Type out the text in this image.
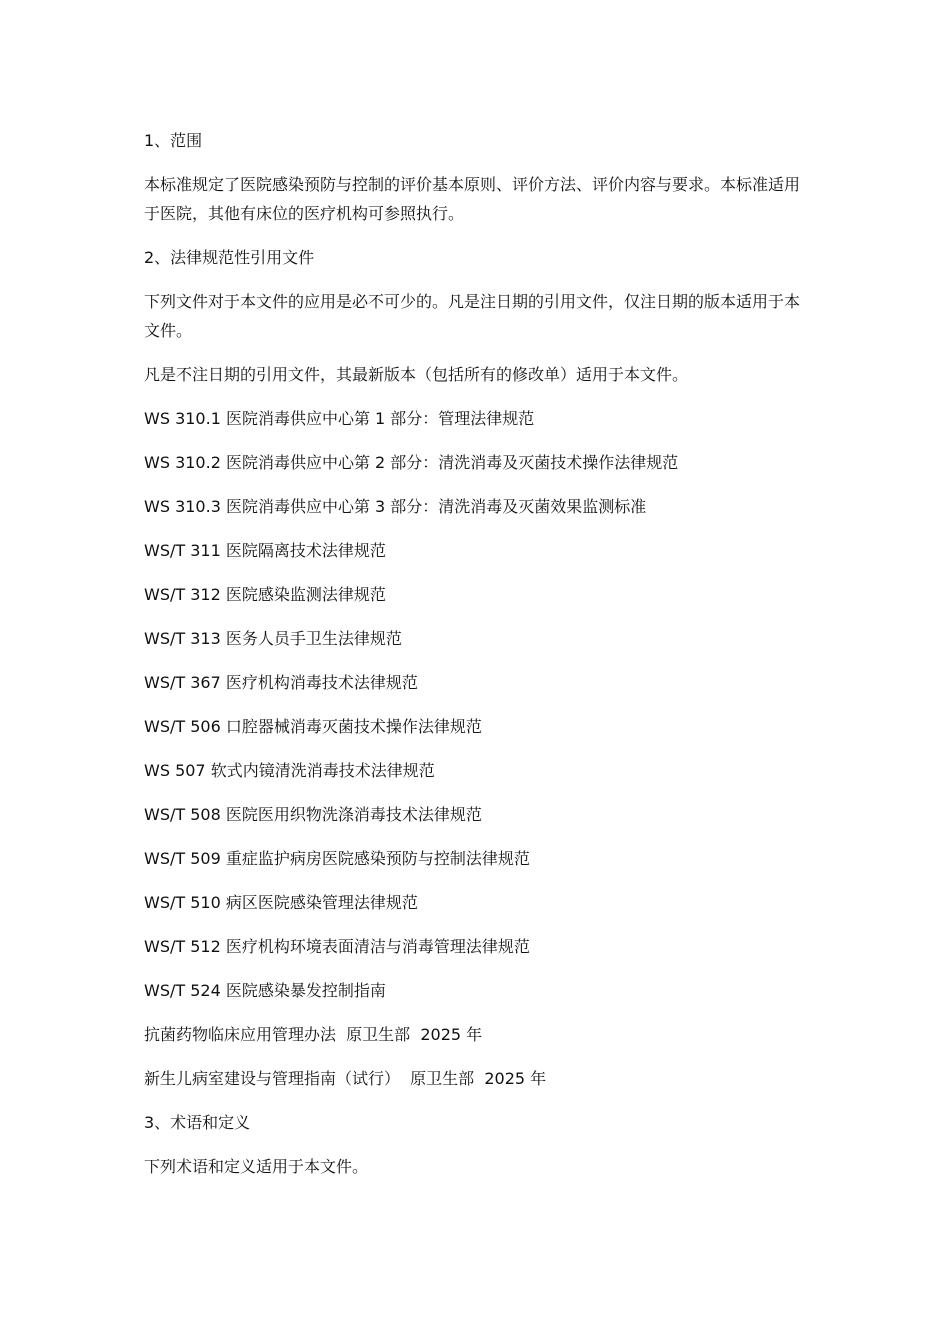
1、范围

本标准规定了医院感染预防与控制的评价基本原则、评价方法、评价内容与要求。本标准适用于医院，其他有床位的医疗机构可参照执行。

2、法律规范性引用文件

下列文件对于本文件的应用是必不可少的。凡是注日期的引用文件，仅注日期的版本适用于本文件。

凡是不注日期的引用文件，其最新版本（包括所有的修改单）适用于本文件。

WS 310.1 医院消毒供应中心第 1 部分：管理法律规范

WS 310.2 医院消毒供应中心第 2 部分：清洗消毒及灭菌技术操作法律规范

WS 310.3 医院消毒供应中心第 3 部分：清洗消毒及灭菌效果监测标准

WS/T 311 医院隔离技术法律规范

WS/T 312 医院感染监测法律规范

WS/T 313 医务人员手卫生法律规范

WS/T 367 医疗机构消毒技术法律规范

WS/T 506 口腔器械消毒灭菌技术操作法律规范

WS 507 软式内镜清洗消毒技术法律规范

WS/T 508 医院医用织物洗涤消毒技术法律规范

WS/T 509 重症监护病房医院感染预防与控制法律规范

WS/T 510 病区医院感染管理法律规范

WS/T 512 医疗机构环境表面清洁与消毒管理法律规范

WS/T 524 医院感染暴发控制指南

抗菌药物临床应用管理办法  原卫生部  2025 年

新生儿病室建设与管理指南（试行）  原卫生部  2025 年

3、术语和定义

下列术语和定义适用于本文件。
